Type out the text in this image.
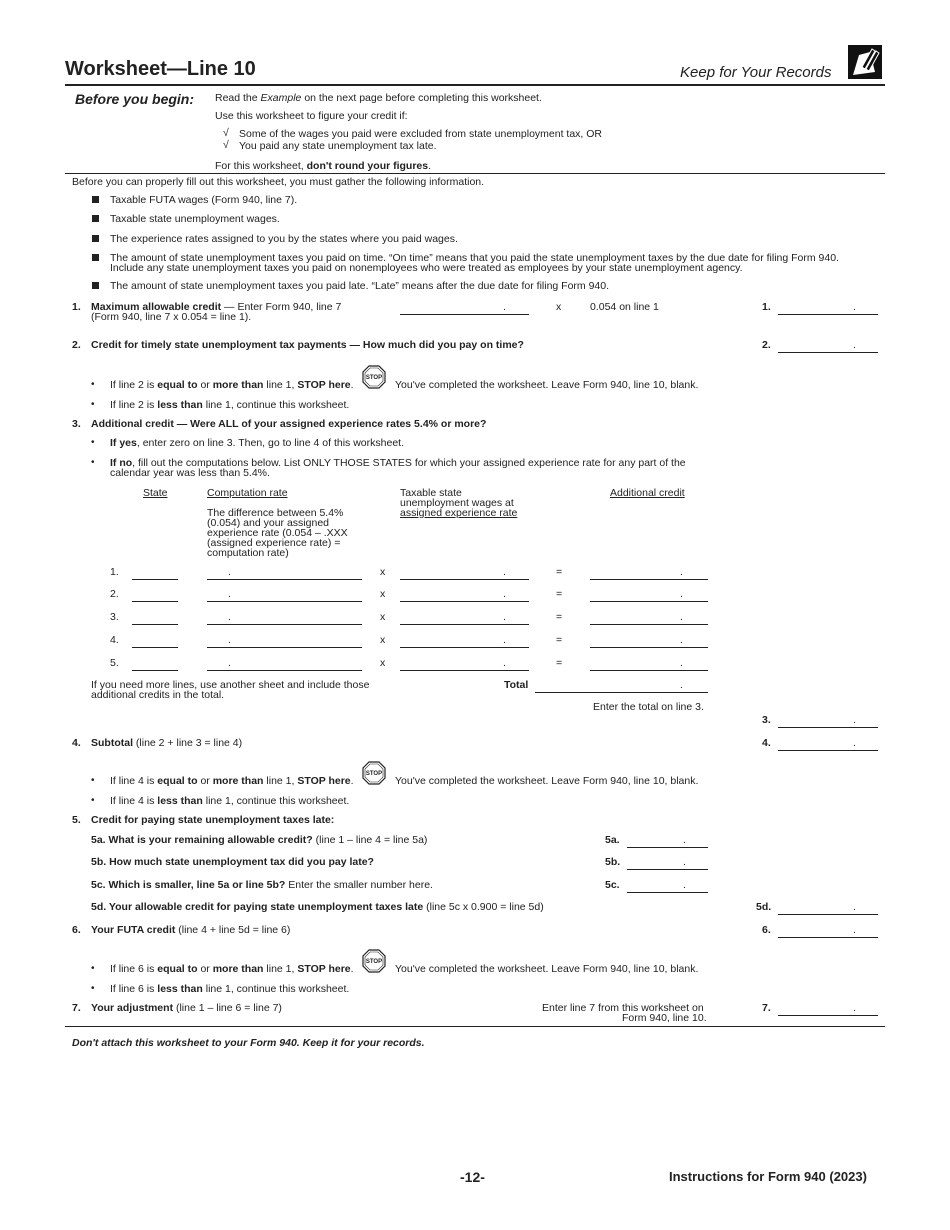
Worksheet—Line 10	Keep for Your Records
Before you begin: Read the Example on the next page before completing this worksheet.
Use this worksheet to figure your credit if:
√ Some of the wages you paid were excluded from state unemployment tax, OR
√ You paid any state unemployment tax late.
For this worksheet, don't round your figures.
Before you can properly fill out this worksheet, you must gather the following information.
Taxable FUTA wages (Form 940, line 7).
Taxable state unemployment wages.
The experience rates assigned to you by the states where you paid wages.
The amount of state unemployment taxes you paid on time. “On time” means that you paid the state unemployment taxes by the due date for filing Form 940.
Include any state unemployment taxes you paid on nonemployees who were treated as employees by your state unemployment agency.
The amount of state unemployment taxes you paid late. “Late” means after the due date for filing Form 940.
1. Maximum allowable credit — Enter Form 940, line 7
(Form 940, line 7 x 0.054 = line 1).
.	x	0.054 on line 1	1.	.
2. Credit for timely state unemployment tax payments — How much did you pay on time?	2.	.
• If line 2 is equal to or more than line 1, STOP here.
STOP
You've completed the worksheet. Leave Form 940, line 10, blank.
• If line 2 is less than line 1, continue this worksheet.
3. Additional credit — Were ALL of your assigned experience rates 5.4% or more?
• If yes, enter zero on line 3. Then, go to line 4 of this worksheet.
• If no, fill out the computations below. List ONLY THOSE STATES for which your assigned experience rate for any part of the
calendar year was less than 5.4%.
State	Computation rate
The difference between 5.4%
(0.054) and your assigned
experience rate (0.054 – .XXX
(assigned experience rate) =
computation rate)
Taxable state
unemployment wages at
assigned experience rate
Additional credit
1.	.	x	.	=	.
2.	.	x	.	=	.
3.	.	x	.	=	.
4.	.	x	.	=	.
5.	.	x	.	=	.
If you need more lines, use another sheet and include those
additional credits in the total.
Total	.
Enter the total on line 3.
3.	.
4. Subtotal (line 2 + line 3 = line 4)	4.	.
• If line 4 is equal to or more than line 1, STOP here.
STOP
You've completed the worksheet. Leave Form 940, line 10, blank.
• If line 4 is less than line 1, continue this worksheet.
5. Credit for paying state unemployment taxes late:
5a. What is your remaining allowable credit? (line 1 – line 4 = line 5a)	5a.	.
5b. How much state unemployment tax did you pay late?	5b.	.
5c. Which is smaller, line 5a or line 5b? Enter the smaller number here.	5c.	.
5d. Your allowable credit for paying state unemployment taxes late (line 5c x 0.900 = line 5d)	5d.	.
6. Your FUTA credit (line 4 + line 5d = line 6)	6.	.
• If line 6 is equal to or more than line 1, STOP here.
STOP
You've completed the worksheet. Leave Form 940, line 10, blank.
• If line 6 is less than line 1, continue this worksheet.
7. Your adjustment (line 1 – line 6 = line 7)	Enter line 7 from this worksheet on
Form 940, line 10.
7.	.
Don't attach this worksheet to your Form 940. Keep it for your records.
-12-	Instructions for Form 940 (2023)
